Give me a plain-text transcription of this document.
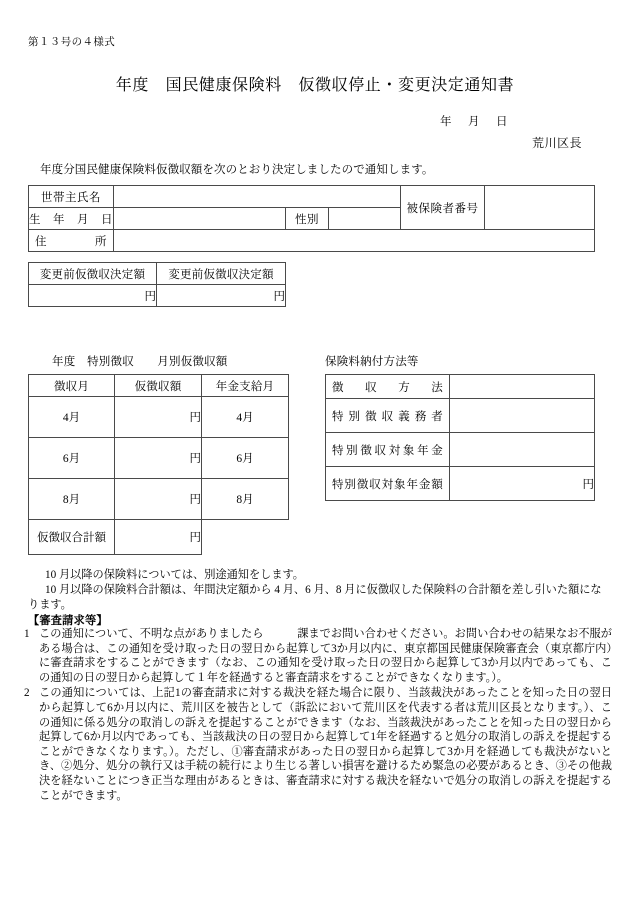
第１３号の４様式
年度　国民健康保険料　仮徴収停止・変更決定通知書
年　月　日
荒川区長
年度分国民健康保険料仮徴収額を次のとおり決定しましたので通知します。
世帯主氏名				被保険者番号	
生　年　月　日		性別			
住　　　　所					
変更前仮徴収決定額	変更前仮徴収決定額
円	円
年度　特別徴収　　月別仮徴収額
徴収月	仮徴収額	年金支給月
4月	円	4月
6月	円	6月
8月	円	8月
仮徴収合計額	円	
保険料納付方法等
徴収方法	
特別徴収義務者	
特別徴収対象年金	
特別徴収対象年金額	円

10 月以降の保険料については、別途通知をします。

10 月以降の保険料合計額は、年間決定額から 4 月、6 月、8 月に仮徴収した保険料の合計額を差し引いた額になります。

【審査請求等】

1 この通知について、不明な点がありましたら　　　課までお問い合わせください。お問い合わせの結果なお不服がある場合は、この通知を受け取った日の翌日から起算して3か月以内に、東京都国民健康保険審査会（東京都庁内）に審査請求をすることができます（なお、この通知を受け取った日の翌日から起算して3か月以内であっても、この通知の日の翌日から起算して１年を経過すると審査請求をすることができなくなります。）。
2 この通知については、上記1の審査請求に対する裁決を経た場合に限り、当該裁決があったことを知った日の翌日から起算して6か月以内に、荒川区を被告として（訴訟において荒川区を代表する者は荒川区長となります。）、この通知に係る処分の取消しの訴えを提起することができます（なお、当該裁決があったことを知った日の翌日から起算して6か月以内であっても、当該裁決の日の翌日から起算して1年を経過すると処分の取消しの訴えを提起することができなくなります。）。ただし、①審査請求があった日の翌日から起算して3か月を経過しても裁決がないとき、②処分、処分の執行又は手続の続行により生じる著しい損害を避けるため緊急の必要があるとき、③その他裁決を経ないことにつき正当な理由があるときは、審査請求に対する裁決を経ないで処分の取消しの訴えを提起することができます。
